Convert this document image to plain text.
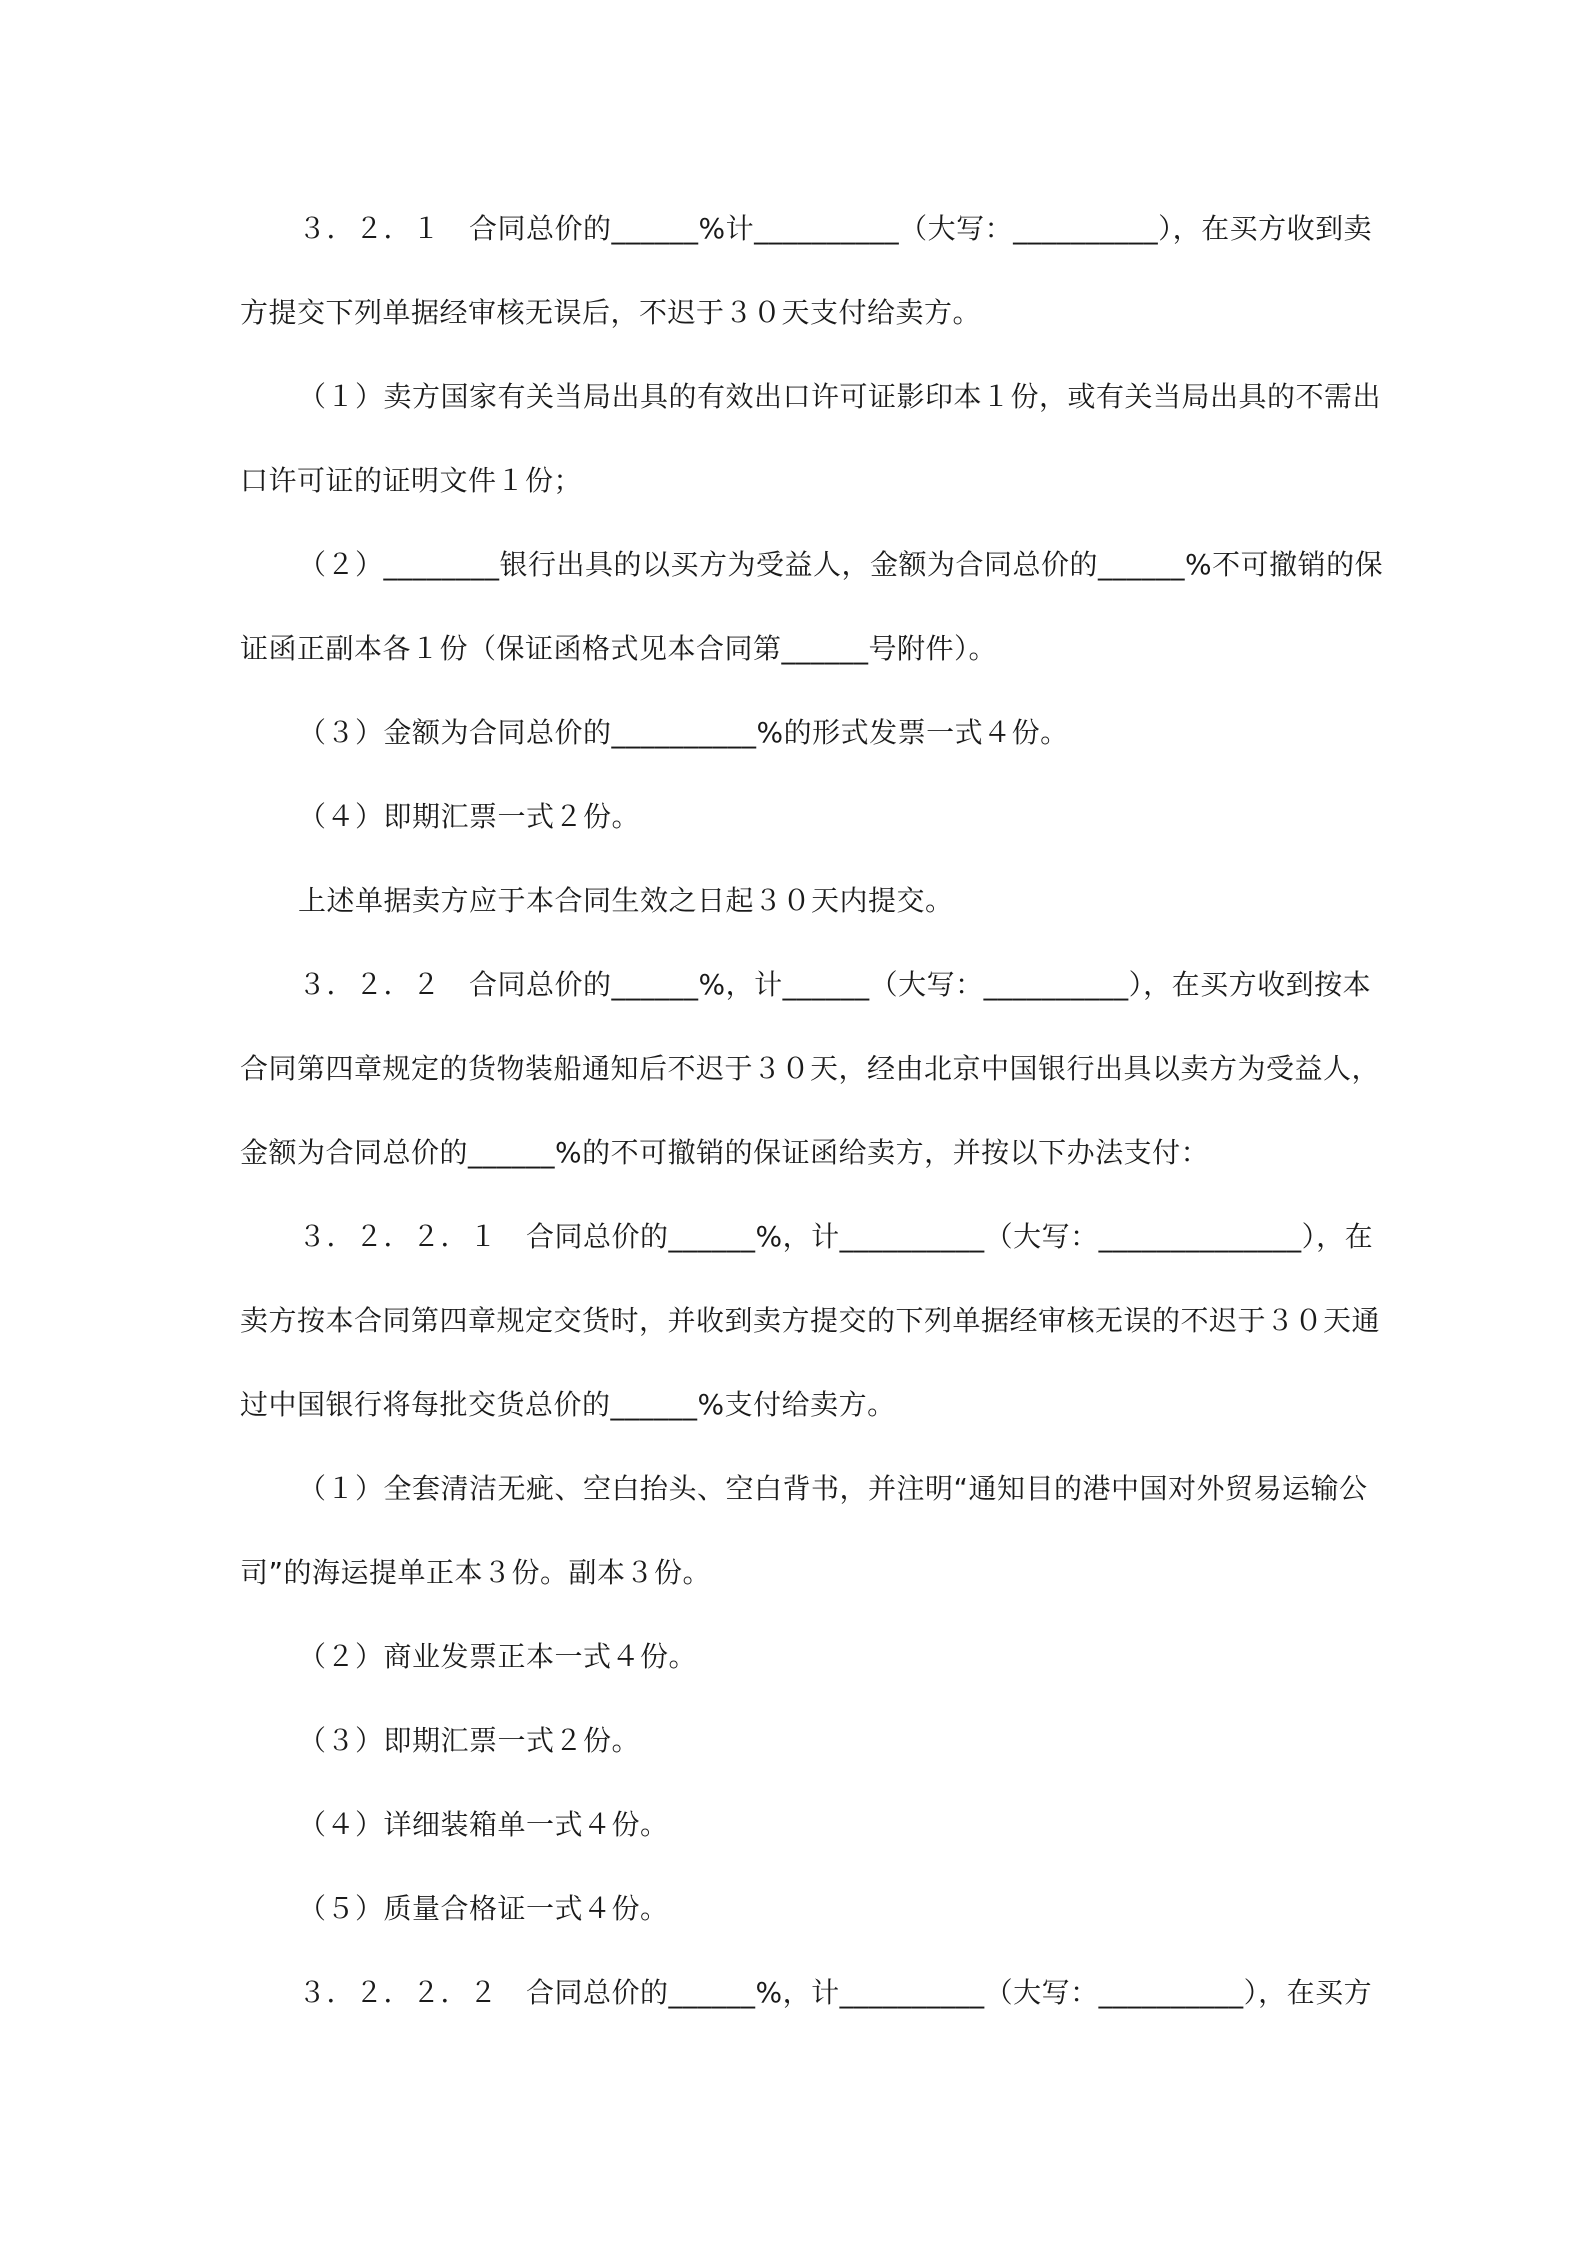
３．２．１　合同总价的______%计__________（大写：__________），在买方收到卖
方提交下列单据经审核无误后，不迟于３０天支付给卖方。
（１）卖方国家有关当局出具的有效出口许可证影印本１份，或有关当局出具的不需出
口许可证的证明文件１份；
（２）________银行出具的以买方为受益人，金额为合同总价的______%不可撤销的保
证函正副本各１份（保证函格式见本合同第______号附件）。
（３）金额为合同总价的__________%的形式发票一式４份。
（４）即期汇票一式２份。
上述单据卖方应于本合同生效之日起３０天内提交。
３．２．２　合同总价的______%，计______（大写：__________），在买方收到按本
合同第四章规定的货物装船通知后不迟于３０天，经由北京中国银行出具以卖方为受益人，
金额为合同总价的______%的不可撤销的保证函给卖方，并按以下办法支付：
３．２．２．１　合同总价的______%，计__________（大写：______________），在
卖方按本合同第四章规定交货时，并收到卖方提交的下列单据经审核无误的不迟于３０天通
过中国银行将每批交货总价的______%支付给卖方。
（１）全套清洁无疵、空白抬头、空白背书，并注明“通知目的港中国对外贸易运输公
司”的海运提单正本３份。副本３份。
（２）商业发票正本一式４份。
（３）即期汇票一式２份。
（４）详细装箱单一式４份。
（５）质量合格证一式４份。
３．２．２．２　合同总价的______%，计__________（大写：__________），在买方
